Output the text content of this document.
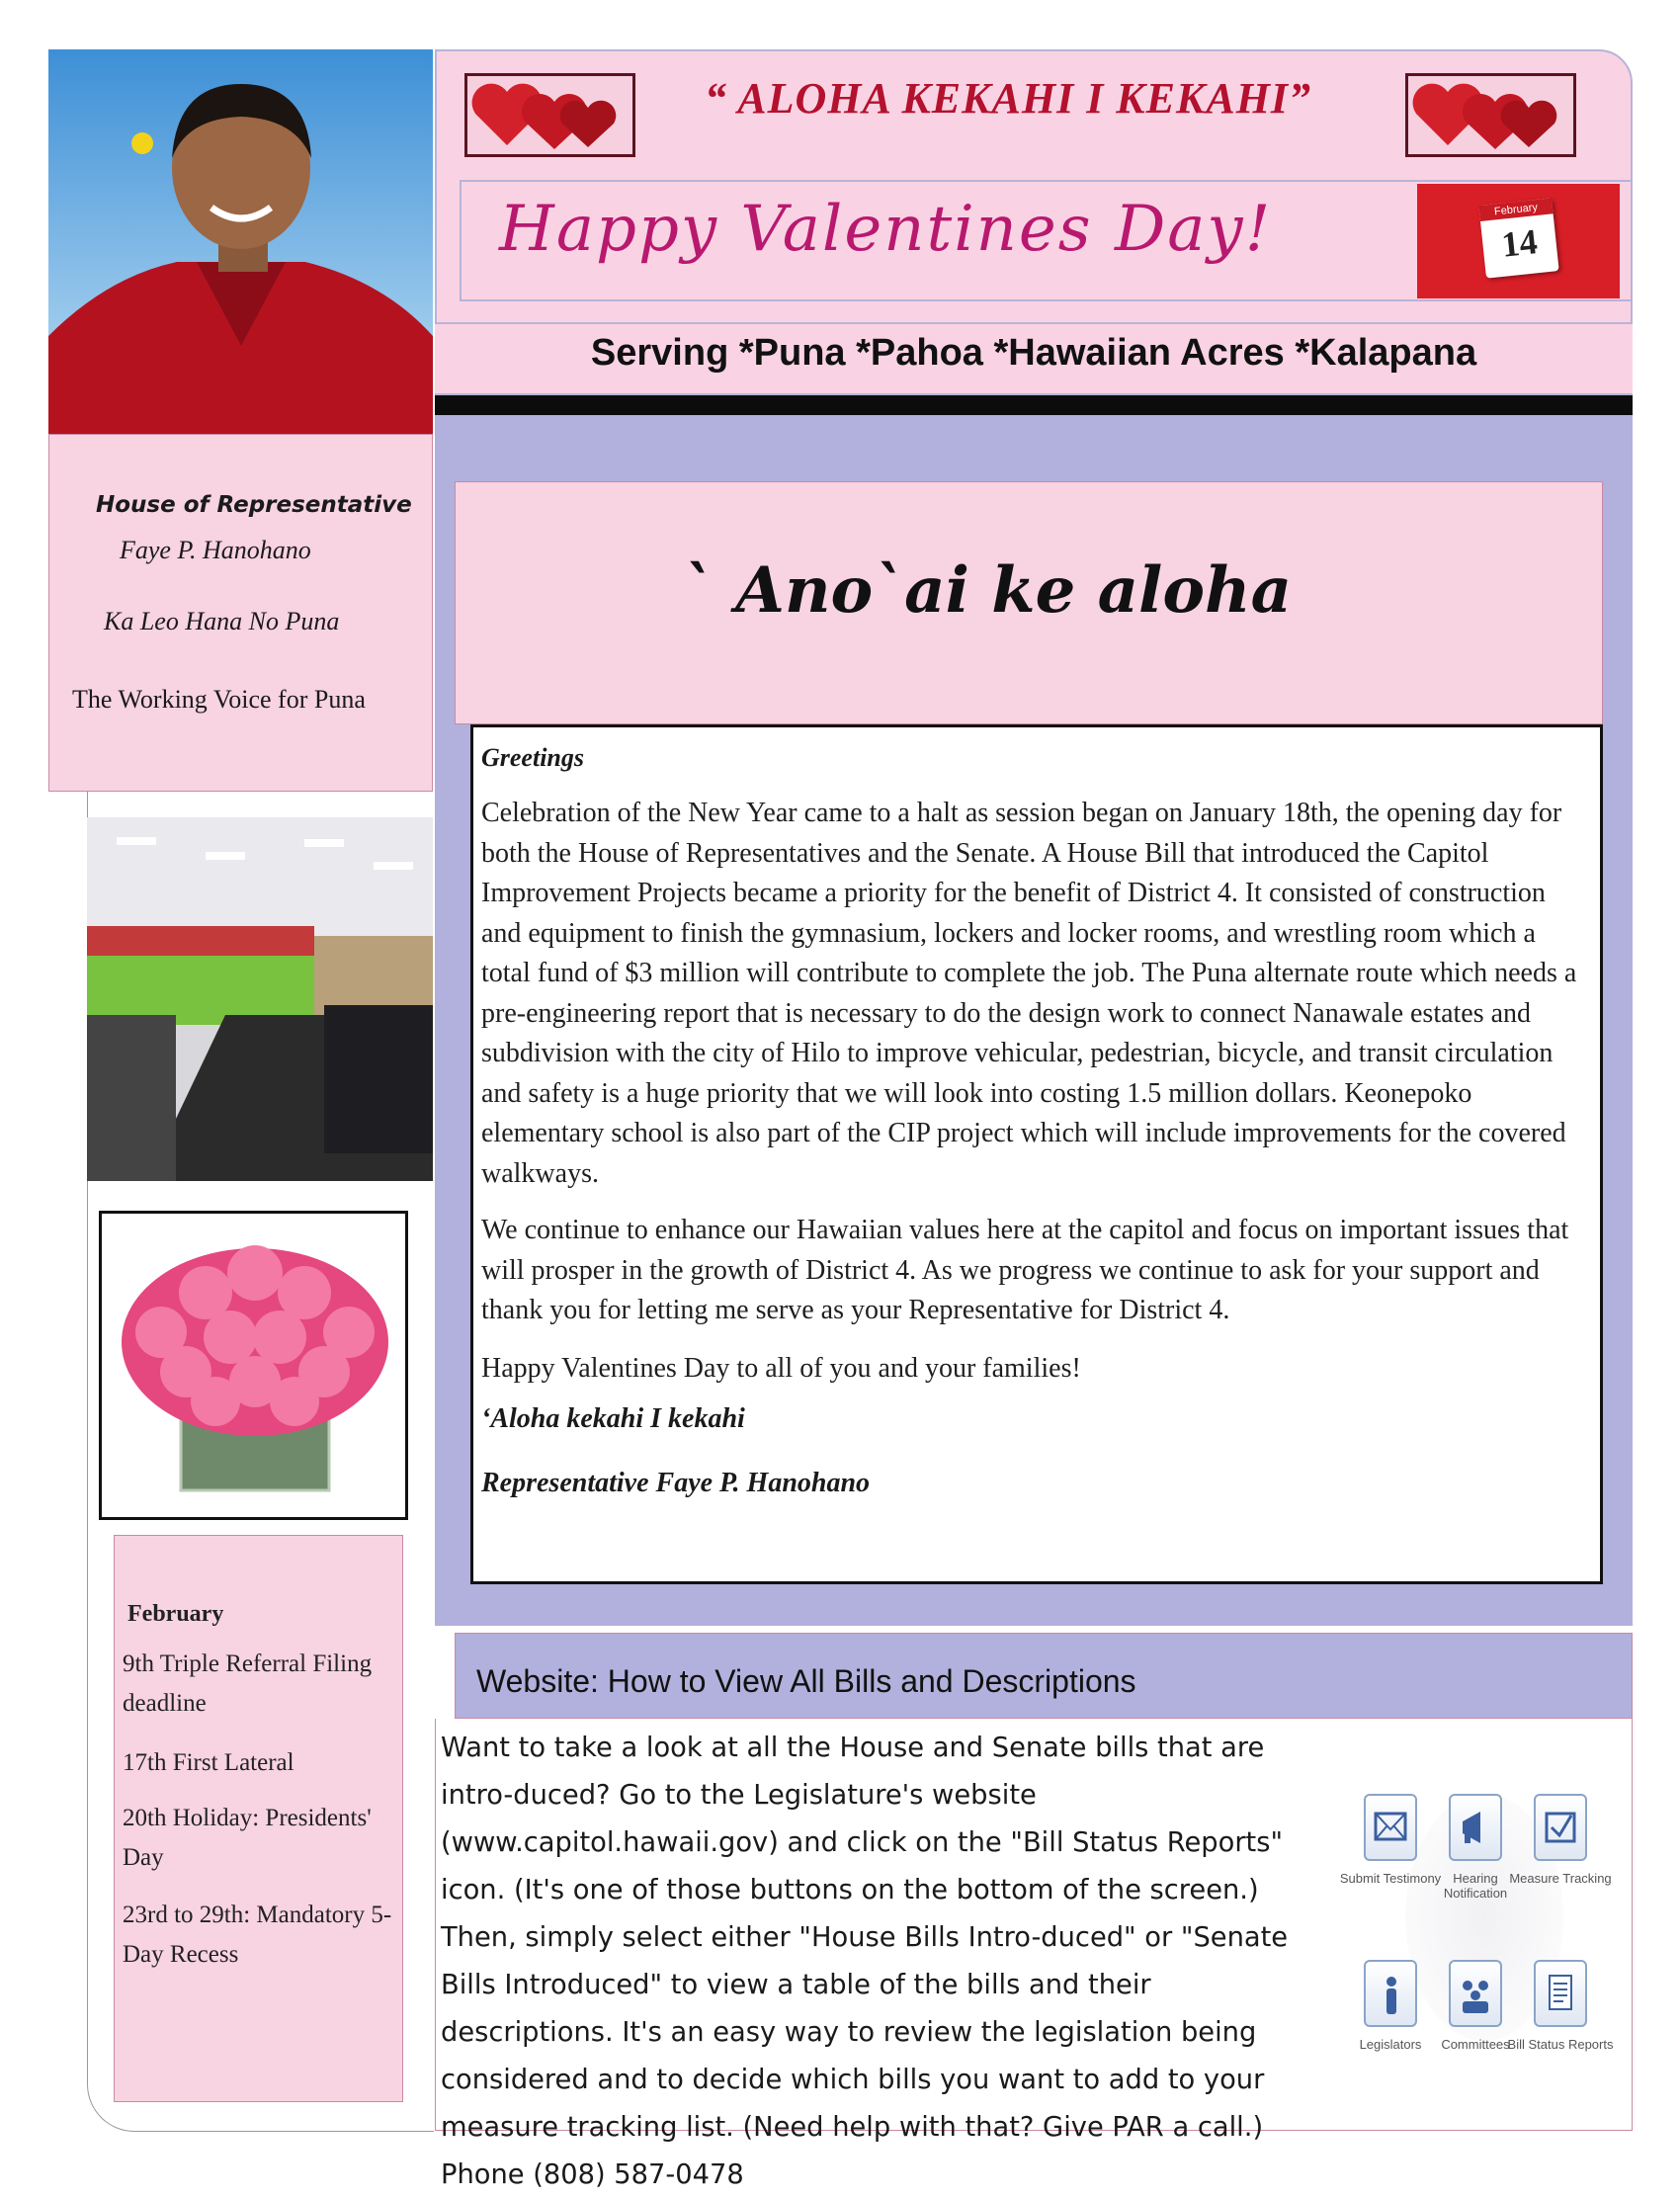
House of Representative
Faye P. Hanohano
Ka Leo Hana No Puna
The Working Voice for Puna
February
9th Triple Referral Filing deadline
17th First Lateral
20th Holiday: Presidents' Day
23rd to 29th: Mandatory 5-Day Recess
“ ALOHA KEKAHI I KEKAHI”
Happy Valentines Day!	February
14
Serving *Puna *Pahoa *Hawaiian Acres *Kalapana
` Ano`ai ke aloha
Greetings
Celebration of the New Year came to a halt as session began on January 18th, the opening day for both the House of Representatives and the Senate. A House Bill that introduced the Capitol Improvement Projects became a priority for the benefit of District 4. It consisted of construction and equipment to finish the gymnasium, lockers and locker rooms, and wrestling room which a total fund of $3 million will contribute to complete the job. The Puna alternate route which needs a pre-engineering report that is necessary to do the design work to connect Nanawale estates and subdivision with the city of Hilo to improve vehicular, pedestrian, bicycle, and transit circulation and safety is a huge priority that we will look into costing 1.5 million dollars. Keonepoko elementary school is also part of the CIP project which will include improvements for the covered walkways.
We continue to enhance our Hawaiian values here at the capitol and focus on important issues that will prosper in the growth of District 4. As we progress we continue to ask for your support and thank you for letting me serve as your Representative for District 4.
Happy Valentines Day to all of you and your families!
‘Aloha kekahi I kekahi
Representative Faye P. Hanohano
Website: How to View All Bills and Descriptions
Want to take a look at all the House and Senate bills that are intro-duced? Go to the Legislature's website (www.capitol.hawaii.gov) and click on the "Bill Status Reports" icon. (It's one of those buttons on the bottom of the screen.) Then, simply select either "House Bills Intro-duced" or "Senate Bills Introduced" to view a table of the bills and their descriptions. It's an easy way to review the legislation being considered and to decide which bills you want to add to your measure tracking list. (Need help with that? Give PAR a call.) Phone (808) 587-0478
Submit Testimony Hearing Notification
Measure Tracking
Legislators	Committees
Bill Status Reports
